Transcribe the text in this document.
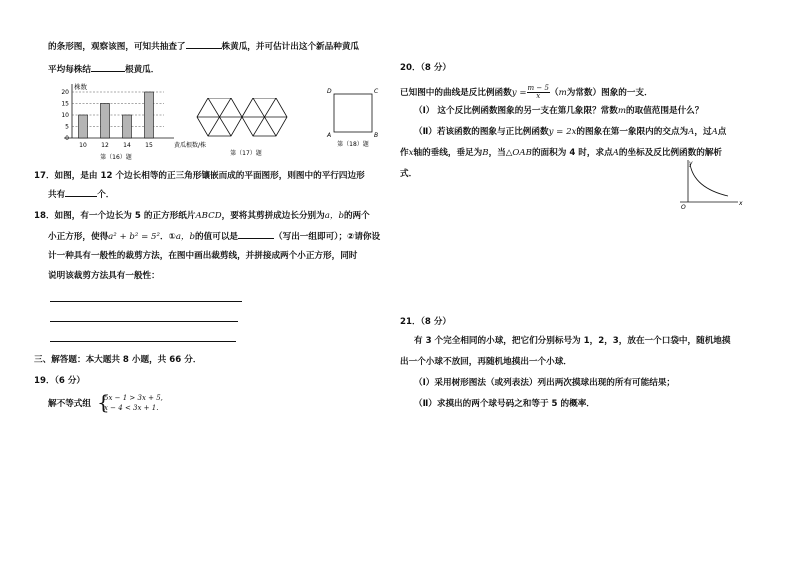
的条形图，观察该图，可知共抽查了	株黄瓜，并可估计出这个新品种黄瓜
平均每株结	根黄瓜．
株数
20
15
10
5
0
10 12 14 15	黄瓜根数/株
第（16）题
第（17）题
D	C
A	B
第（18）题
17．如图，是由 12 个边长相等的正三角形镶嵌而成的平面图形，则图中的平行四边形
共有	个．
18．如图，有一个边长为 5 的正方形纸片ABCD，要将其剪拼成边长分别为a，b的两个
小正方形，使得a² + b² = 5²．①a，b的值可以是	（写出一组即可）；②请你设
计一种具有一般性的裁剪方法，在图中画出裁剪线，并拼接成两个小正方形，同时
说明该裁剪方法具有一般性：
三、解答题：本大题共 8 小题，共 66 分．
19．（6 分）
解不等式组 {
5x − 1 > 3x + 5,
x − 4 < 3x + 1.
20．（8 分）
已知图中的曲线是反比例函数$y = \frac{m - 5}{x} (m$为常数）图象的一支．
（Ⅰ） 这个反比例函数图象的另一支在第几象限？常数m的取值范围是什么？
（Ⅱ）若该函数的图象与正比例函数y = 2x的图象在第一象限内的交点为A，过A点
作x轴的垂线，垂足为B，当△OAB的面积为 4 时，求点A的坐标及反比例函数的解析
式．
y
x
O
21．（8 分）
有 3 个完全相同的小球，把它们分别标号为 1，2，3，放在一个口袋中，随机地摸
出一个小球不放回，再随机地摸出一个小球．
（Ⅰ）采用树形图法（或列表法）列出两次摸球出现的所有可能结果；
（Ⅱ）求摸出的两个球号码之和等于 5 的概率．
